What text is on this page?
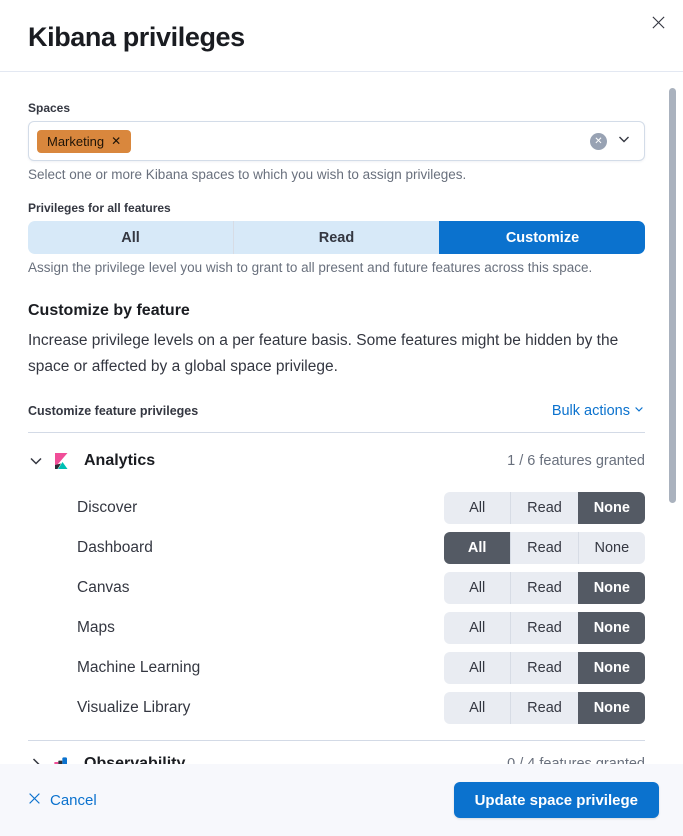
Kibana privileges
Spaces
Marketing ✕	✕
Select one or more Kibana spaces to which you wish to assign privileges.
Privileges for all features
All	Read	Customize
Assign the privilege level you wish to grant to all present and future features across this space.
Customize by feature

Increase privilege levels on a per feature basis. Some features might be hidden by the space or affected by a global space privilege.

Customize feature privileges	Bulk actions
Analytics	1 / 6 features granted
Discover	All	Read	None
Dashboard	All	Read	None
Canvas	All	Read	None
Maps	All	Read	None
Machine Learning	All	Read	None
Visualize Library	All	Read	None
Cancel	Update space privilege
